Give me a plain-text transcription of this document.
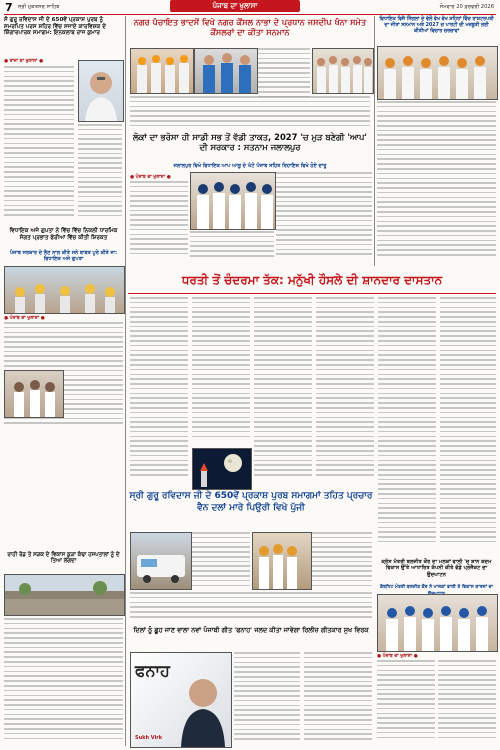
7 ਸ੍ਰੀ ਮੁਕਤਸਰ ਸਾਹਿਬ	ਪੰਜਾਬ ਦਾ ਖੁਲਾਸਾ	ਸੋਮਵਾਰ 20 ਫ਼ਰਵਰੀ 2026
ਸੰ ਗੁਰੂ ਰਵਿਦਾਸ ਜੀ ਦੇ 650ਵੇਂ ਪ੍ਰਕਾਸ਼ ਪੁਰਬ ਨੂੰ ਸਮਰਪਿਤ ਪਰਸ ਸ਼ਹਿਰ ਵਿੱਚ ਸਜਾਏ ਕਾਰਵਿਸ਼ਕ ਦੇ ਸ਼ਿੰਗਾਰਪਾਰਕ ਸਮਾਗਮ: ਇਨਕਲਾਬ ਰਾਜ ਕੁਮਾਰ
● ਰਾਜਾ ਦਾ ਖੁਲਾਸਾ ●
ਵਿਧਾਇਕ ਅਜੇ ਗੁਪਤਾ ਨੇ ਵਿੱਚ ਵਿੱਚ ਨਿਕਲੀ ਧਾਰਮਿਕ ਸੰਗਤ ਪ੍ਰਭਾਤ ਫੇਰੀਆਂ ਵਿੱਚ ਕੀਤੀ ਸ਼ਿਰਕਤ
ਪੰਜਾਬ ਸਰਕਾਰ ਦੇ ਲੈਣ ਨਾਲ ਕੀਤੇ ਸਨੇ ਬਾਬਤ ਪੂਰੇ ਕੀਤੇ ਜਾ: ਵਿਧਾਇਕ ਅਜੇ ਗੁਪਤਾ
● ਪੰਜਾਬ ਦਾ ਖੁਲਾਸਾ ●
ਰਾਹੀ ਰੋਡ ਤੇ ਸੜਕ ਦੇ ਵਿਕਾਸ ਕੂੜਾ ਕੰਢਾ ਹਸਪਤਾਲਾਂ ਨੂੰ ਦੇ ਤਿਆ ਲੱਗਦਾ
ਨਗਰ ਪੰਚਾਇਤ ਭਾਦਸੋਂ ਵਿਖੇ ਨਗਰ ਕੌਂਸਲ ਨਾਭਾ ਦੇ ਪ੍ਰਧਾਨ ਜਸਦੀਪ ਖੰਨਾ ਸਮੇਤ ਕੌਂਸਲਰਾਂ ਦਾ ਕੀਤਾ ਸਨਮਾਨ
ਲੋਕਾਂ ਦਾ ਭਰੋਸਾ ਹੀ ਸਾਡੀ ਸਭ ਤੋਂ ਵੱਡੀ ਤਾਕਤ, 2027 'ਚ ਮੁੜ ਬਣੇਗੀ 'ਆਪ' ਦੀ ਸਰਕਾਰ : ਸਤਨਾਮ ਜਲਾਲਪੁਰ
ਜਲਾਲਪੁਰ ਵਿਖੇ ਵਿਧਾਇਕ ਆਪ ਆਗੂ ਦੇ ਘੰਟੇ ਪੰਜਾਬ ਸਹਿਤ ਰਿਹਾਇਸ਼ ਵਿਖੇ ਹੋਏ ਦਾਰੂ
● ਪੰਜਾਬ ਦਾ ਖੁਲਾਸਾ ●
ਵਿਧਾਇਕ ਵਿਜੈ ਸਿੰਗਲਾ ਦੇ ਵੱਲੋਂ ਵੱਖ ਵੱਖ ਸ਼ਹਿਰਾਂ ਵਿੱਚ ਰਾਸ਼ਟਰਪਤੀ ਦਾ ਜੀਤਾ ਸਨਮਾਨ ਅਤੇ 2027 ਚ ਪਾਰਟੀ ਦੀ ਮਜ਼ਬੂਤੀ ਲਈ ਕੀਤੀਆਂ ਵਿਚਾਰ ਚਰਚਾਵਾਂ
ਧਰਤੀ ਤੋਂ ਚੰਦਰਮਾ ਤੱਕ: ਮਨੁੱਖੀ ਹੌਸਲੇ ਦੀ ਸ਼ਾਨਦਾਰ ਦਾਸਤਾਨ
ਸ੍ਰੀ ਗੁਰੂ ਰਵਿਦਾਸ ਜੀ ਦੇ 650ਵੇਂ ਪ੍ਰਕਾਸ਼ ਪੁਰਬ ਸਮਾਗਮਾਂ ਤਹਿਤ ਪ੍ਰਚਾਰ ਵੈਨ ਦਲਾਂ ਮਾਰੇ ਪਿਉਰੀ ਵਿਖੇ ਪੁੱਜੀ
ਦਿਲਾਂ ਨੂੰ ਛੂਹ ਜਾਣ ਵਾਲਾ ਨਵਾਂ ਪੰਜਾਬੀ ਗੀਤ 'ਫਨਾਹ' ਜਲਦ ਕੀਤਾ ਜਾਵੇਗਾ ਰਿਲੀਜ਼ ਗੀਤਕਾਰ ਸੁਖ ਵਿਰਕ
ਫਨਾਹ
Sukh Virk
ਕ੍ਰੱਸ ਮੰਤਰੀ ਬਲਜੀਤ ਕੌਰ ਦਾ ਮਲਕਾਂ ਵਾਲੀ 'ਚ ਸ਼ਾਨ ਕਦਮ ਵਿਕਾਸ ਉੱਤੇ ਆਧਾਰਿਤ ਕੰਪਨੀ ਕੀਤੇ ਵੱਡੇ ਪ੍ਰੋਜੈਕਟ ਦਾ ਉਦਘਾਟਨ
ਕੈਬਨਿਟ ਮੰਤਰੀ ਬਲਜੀਤ ਕੌਰ ਨੇ ਮਾਲਕਾਂ ਵਾਲੀ ਤੇ ਵਿਕਾਸ ਕਾਰਜਾਂ ਦਾ
● ਪੰਜਾਬ ਦਾ ਖੁਲਾਸਾ ●
